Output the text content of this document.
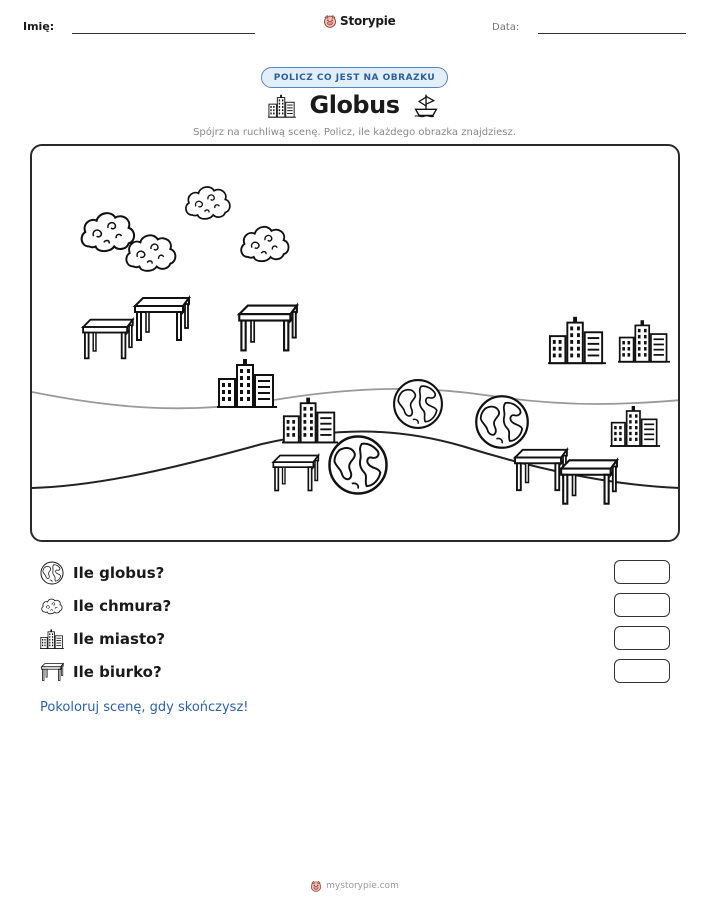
Imię:	Storypie	Data:
POLICZ CO JEST NA OBRAZKU
Globus
Spójrz na ruchliwą scenę. Policz, ile każdego obrazka znajdziesz.
Ile globus?
Ile chmura?
Ile miasto?
Ile biurko?
Pokoloruj scenę, gdy skończysz!
mystorypie.com
